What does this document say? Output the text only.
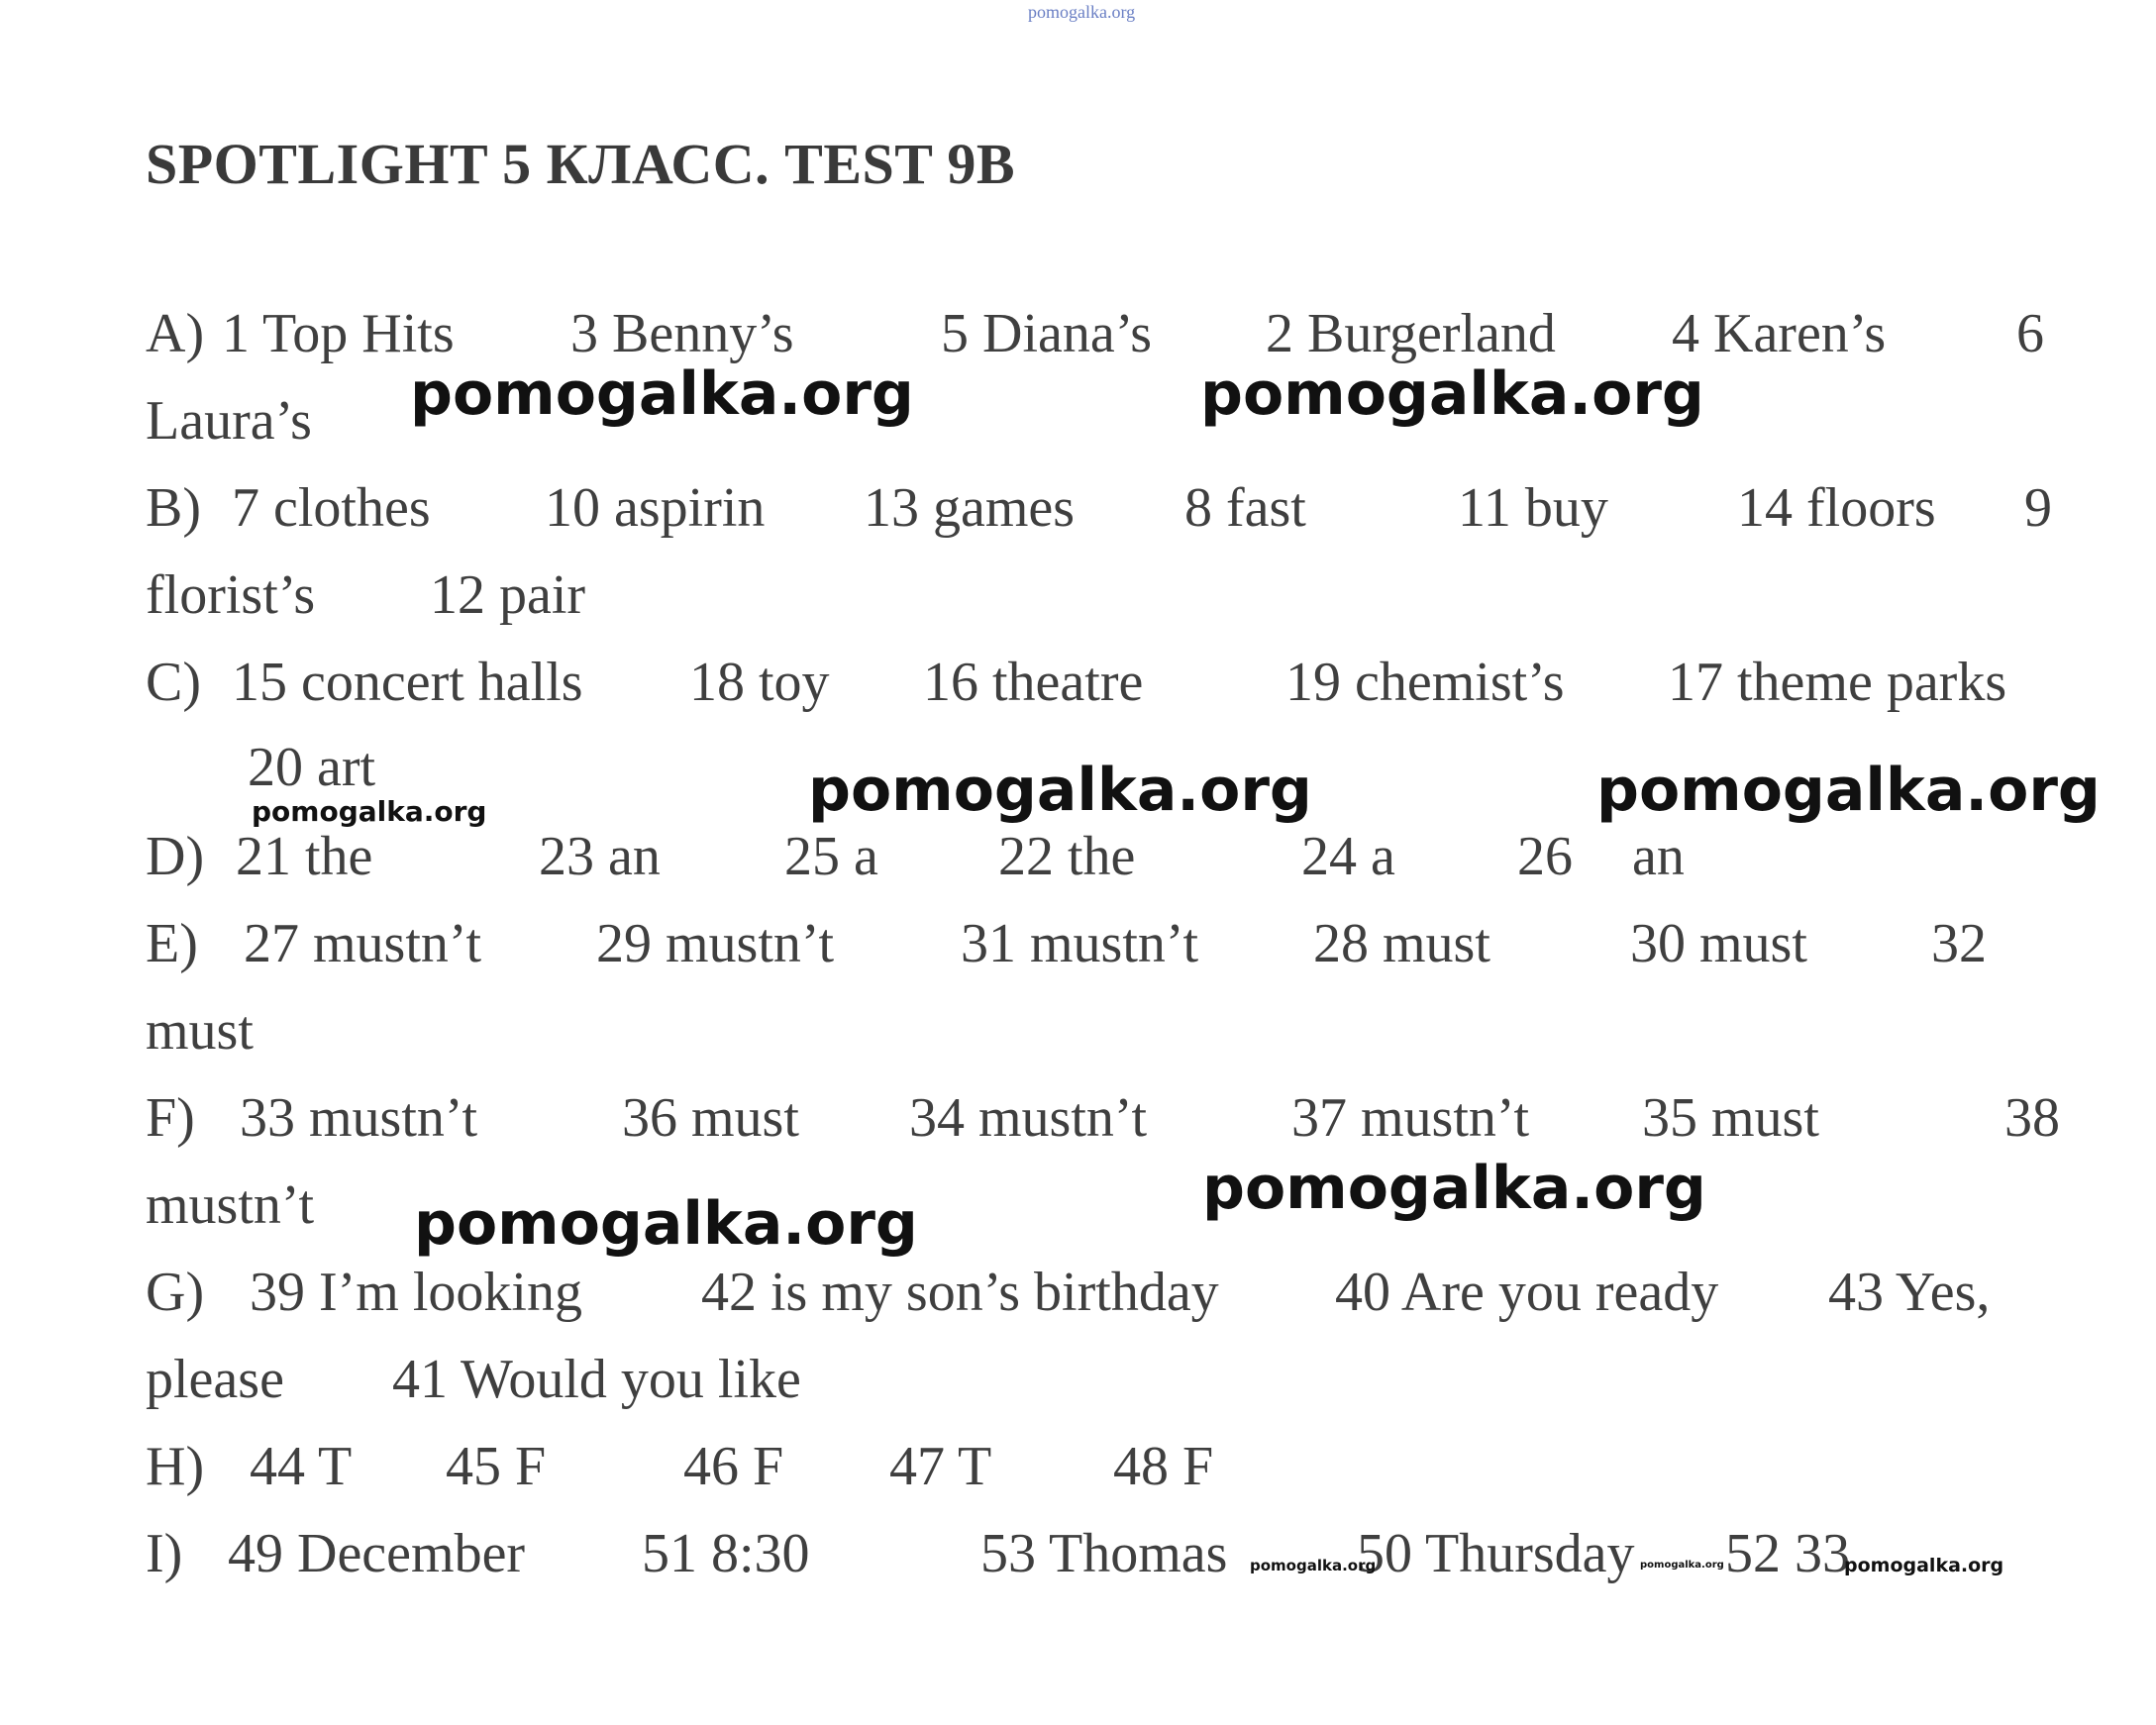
pomogalka.org
SPOTLIGHT 5 КЛАСС. TEST 9B
A) 1 Top Hits 3 Benny’s	5 Diana’s 2 Burgerland 4 Karen’s 6
Laura’s
B) 7 clothes 10 aspirin 13 games 8 fast	11 buy 14 floors 9
florist’s 12 pair
C) 15 concert halls 18 toy 16 theatre	19 chemist’s 17 theme parks
20 art
D) 21 the	23 an 25 a 22 the	24 a 26 an
E) 27 mustn’t 29 mustn’t 31 mustn’t 28 must	30 must 32
must
F) 33 mustn’t	36 must 34 mustn’t	37 mustn’t 35 must	38
mustn’t
G) 39 I’m looking 42 is my son’s birthday 40 Are you ready 43 Yes,
please 41 Would you like
H) 44 T 45 F 46 F 47 T 48 F
I) 49 December 51 8:30	53 Thomas 50 Thursday 52 33
pomogalka.org	pomogalka.org
pomogalka.org	pomogalka.org	pomogalka.org
pomogalka.org
pomogalka.org
pomogalka.org	pomogalka.org	pomogalka.org
